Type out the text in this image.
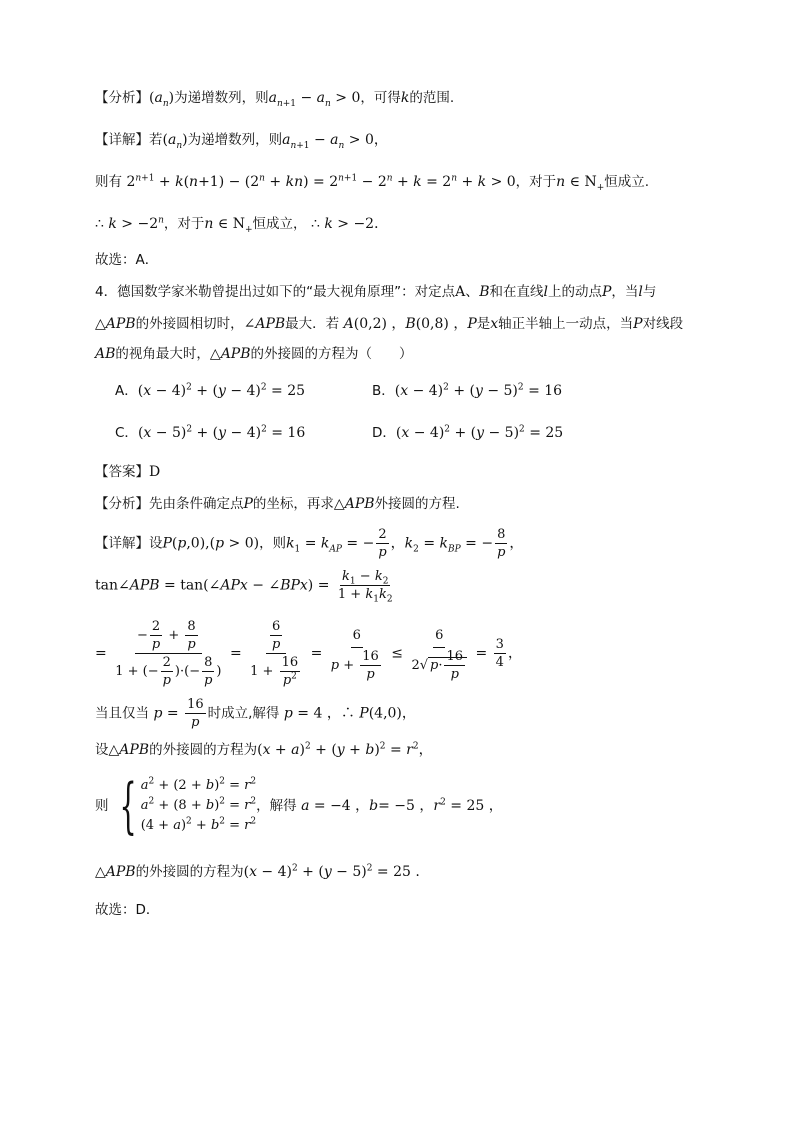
【分析】$(a_n)$为递增数列，则$a_{n+1} - a_n > 0$，可得k的范围.
【详解】若$(a_n)$为递增数列，则$a_{n+1} - a_n > 0$，
则有 $2^{n+1} + k(n+1) - (2^n + kn) = 2^{n+1} - 2^n + k = 2^n + k > 0$，对于n ∈ $N_+$恒成立.
∴ $k > -2^n$，对于n ∈ $N_+$恒成立， ∴ k > −2．
故选：A．
4．德国数学家米勒曾提出过如下的“最大视角原理”：对定点A、B和在直线l上的动点P，当l与
△APB的外接圆相切时，∠APB最大．若 A(0,2) ，B(0,8) ，P是x轴正半轴上一动点，当P对线段
AB的视角最大时，△APB的外接圆的方程为（　　）
A．$(x - 4)^2 + (y - 4)^2 = 25$	B．$(x - 4)^2 + (y - 5)^2 = 16$
C．$(x - 5)^2 + (y - 4)^2 = 16$	D．$(x - 4)^2 + (y - 5)^2 = 25$
【答案】D
【分析】先由条件确定点P的坐标，再求△APB外接圆的方程.
【详解】设P(p,0),(p > 0)，则$k_1 = k_{AP}$ = − $\frac{2}{p}$ ，$k_2 = k_{BP}$ = − $\frac{8}{p}$ ，
tan∠APB = tan(∠APx − ∠BPx) = $\frac{k_1 - k_2}{1 + k_1k_2}$
= $\frac{- \frac{2}{p} + \frac{8}{p}}{1 + (- \frac{2}{p} )\cdot(- \frac{8}{p} )} = \frac{\frac{6}{p}}{1 + \frac{16}{p^2}} = \frac{6}{p + \frac{16}{p}} \le \frac{6}{2√ p\cdot \frac{16}{p}} = \frac{3}{4}$ ，
当且仅当 $p = \frac{16}{p}$ 时成立,解得 p = 4 ，∴ P(4,0)，
设△APB的外接圆的方程为$(x + a)^2 + (y + b)^2 = r^2$，
则 { $a^2 + (2 + b)^2 = r^2$
$a^2 + (8 + b)^2 = r^2$
$(4 + a)^2 + b^2 = r^2$
，解得 a = −4 ，b= −5 ，$r^2 = 25$ ，
△APB的外接圆的方程为$(x - 4)^2 + (y - 5)^2 = 25$ .
故选：D．
